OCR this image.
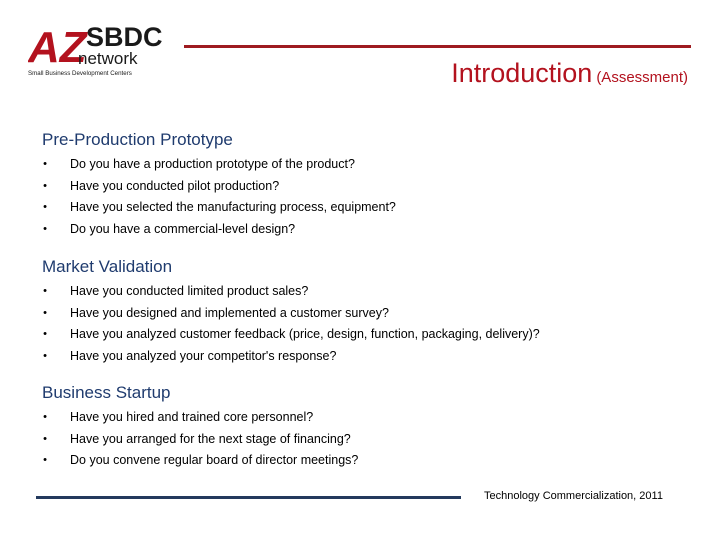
AZ SBDC
network
Small Business Development Centers	Introduction (Assessment)
Pre-Production Prototype
• Do you have a production prototype of the product?
• Have you conducted pilot production?
• Have you selected the manufacturing process, equipment?
• Do you have a commercial-level design?
Market Validation
• Have you conducted limited product sales?
• Have you designed and implemented a customer survey?
• Have you analyzed customer feedback (price, design, function, packaging, delivery)?
• Have you analyzed your competitor's response?
Business Startup
• Have you hired and trained core personnel?
• Have you arranged for the next stage of financing?
• Do you convene regular board of director meetings?
Technology Commercialization, 2011
